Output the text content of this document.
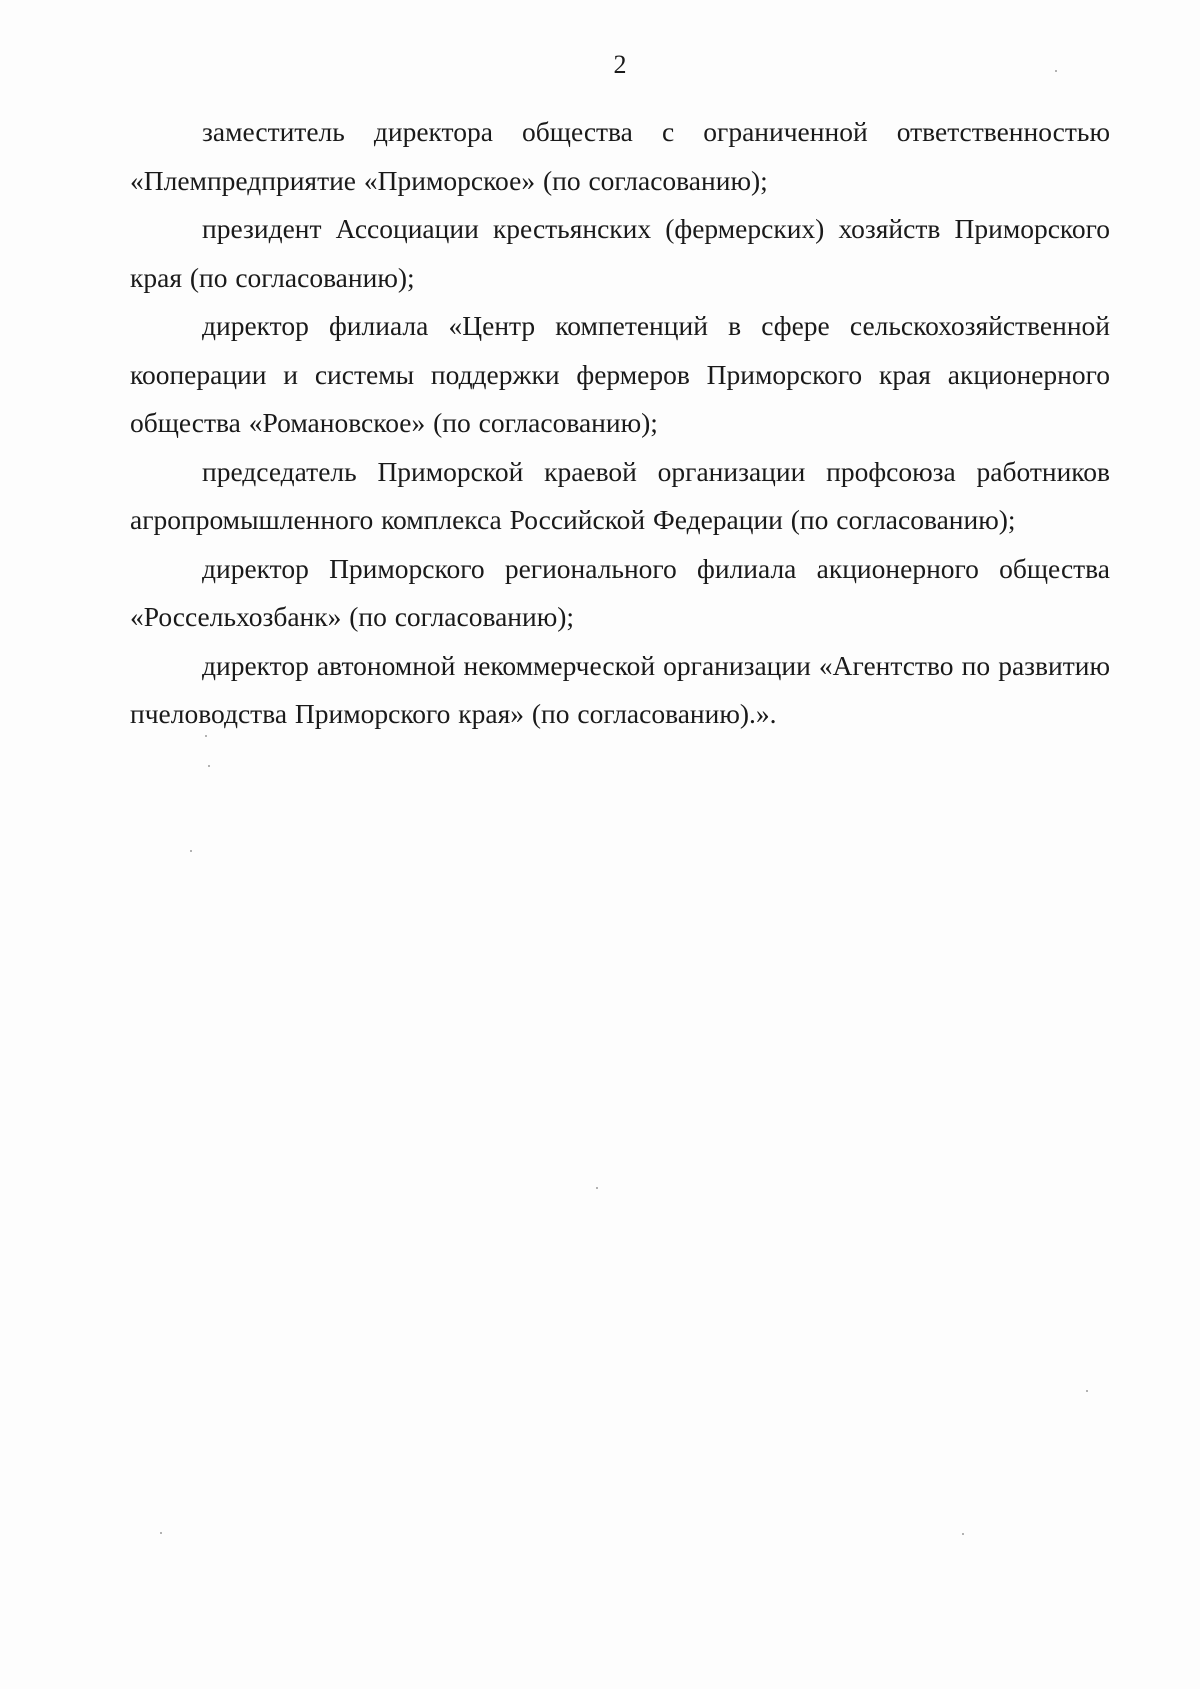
2

заместитель директора общества с ограниченной ответственностью «Племпредприятие «Приморское» (по согласованию);

президент Ассоциации крестьянских (фермерских) хозяйств Приморского края (по согласованию);

директор филиала «Центр компетенций в сфере сельскохозяйственной кооперации и системы поддержки фермеров Приморского края акционерного общества «Романовское» (по согласованию);

председатель Приморской краевой организации профсоюза работников агропромышленного комплекса Российской Федерации (по согласованию);

директор Приморского регионального филиала акционерного общества «Россельхозбанк» (по согласованию);

директор автономной некоммерческой организации «Агентство по развитию пчеловодства Приморского края» (по согласованию).».
